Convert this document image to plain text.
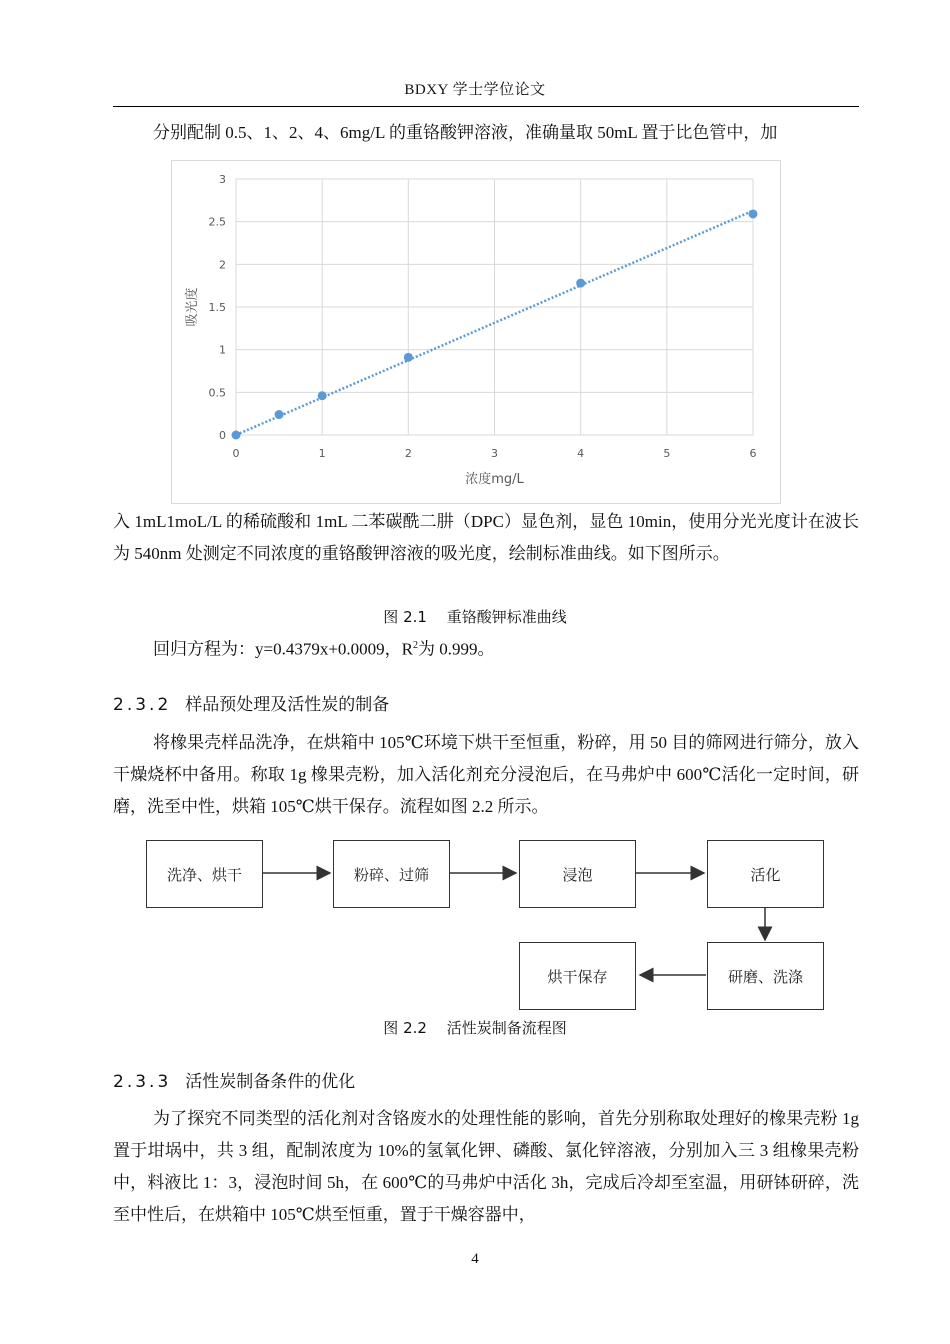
BDXY 学士学位论文

分别配制 0.5、1、2、4、6mg/L 的重铬酸钾溶液，准确量取 50mL 置于比色管中，加

0
0.5
1
1.5
2
2.5
3
0	1	2	3	4	5	6
浓度mg/L
吸光度

入 1mL1moL/L 的稀硫酸和 1mL 二苯碳酰二肼（DPC）显色剂，显色 10min，使用分光光度计在波长为 540nm 处测定不同浓度的重铬酸钾溶液的吸光度，绘制标准曲线。如下图所示。

图 2.1　 重铬酸钾标准曲线

回归方程为：y=0.4379x+0.0009，$R^2$为 0.999。

2.3.2 样品预处理及活性炭的制备

将橡果壳样品洗净，在烘箱中 105℃环境下烘干至恒重，粉碎，用 50 目的筛网进行筛分，放入干燥烧杯中备用。称取 1g 橡果壳粉，加入活化剂充分浸泡后，在马弗炉中 600℃活化一定时间，研磨，洗至中性，烘箱 105℃烘干保存。流程如图 2.2 所示。

洗净、烘干	粉碎、过筛	浸泡	活化
研磨、洗涤
烘干保存
图 2.2　 活性炭制备流程图
2.3.3 活性炭制备条件的优化

为了探究不同类型的活化剂对含铬废水的处理性能的影响，首先分别称取处理好的橡果壳粉 1g 置于坩埚中，共 3 组，配制浓度为 10%的氢氧化钾、磷酸、氯化锌溶液，分别加入三 3 组橡果壳粉中，料液比 1：3，浸泡时间 5h，在 600℃的马弗炉中活化 3h，完成后冷却至室温，用研钵研碎，洗至中性后，在烘箱中 105℃烘至恒重，置于干燥容器中，

4
